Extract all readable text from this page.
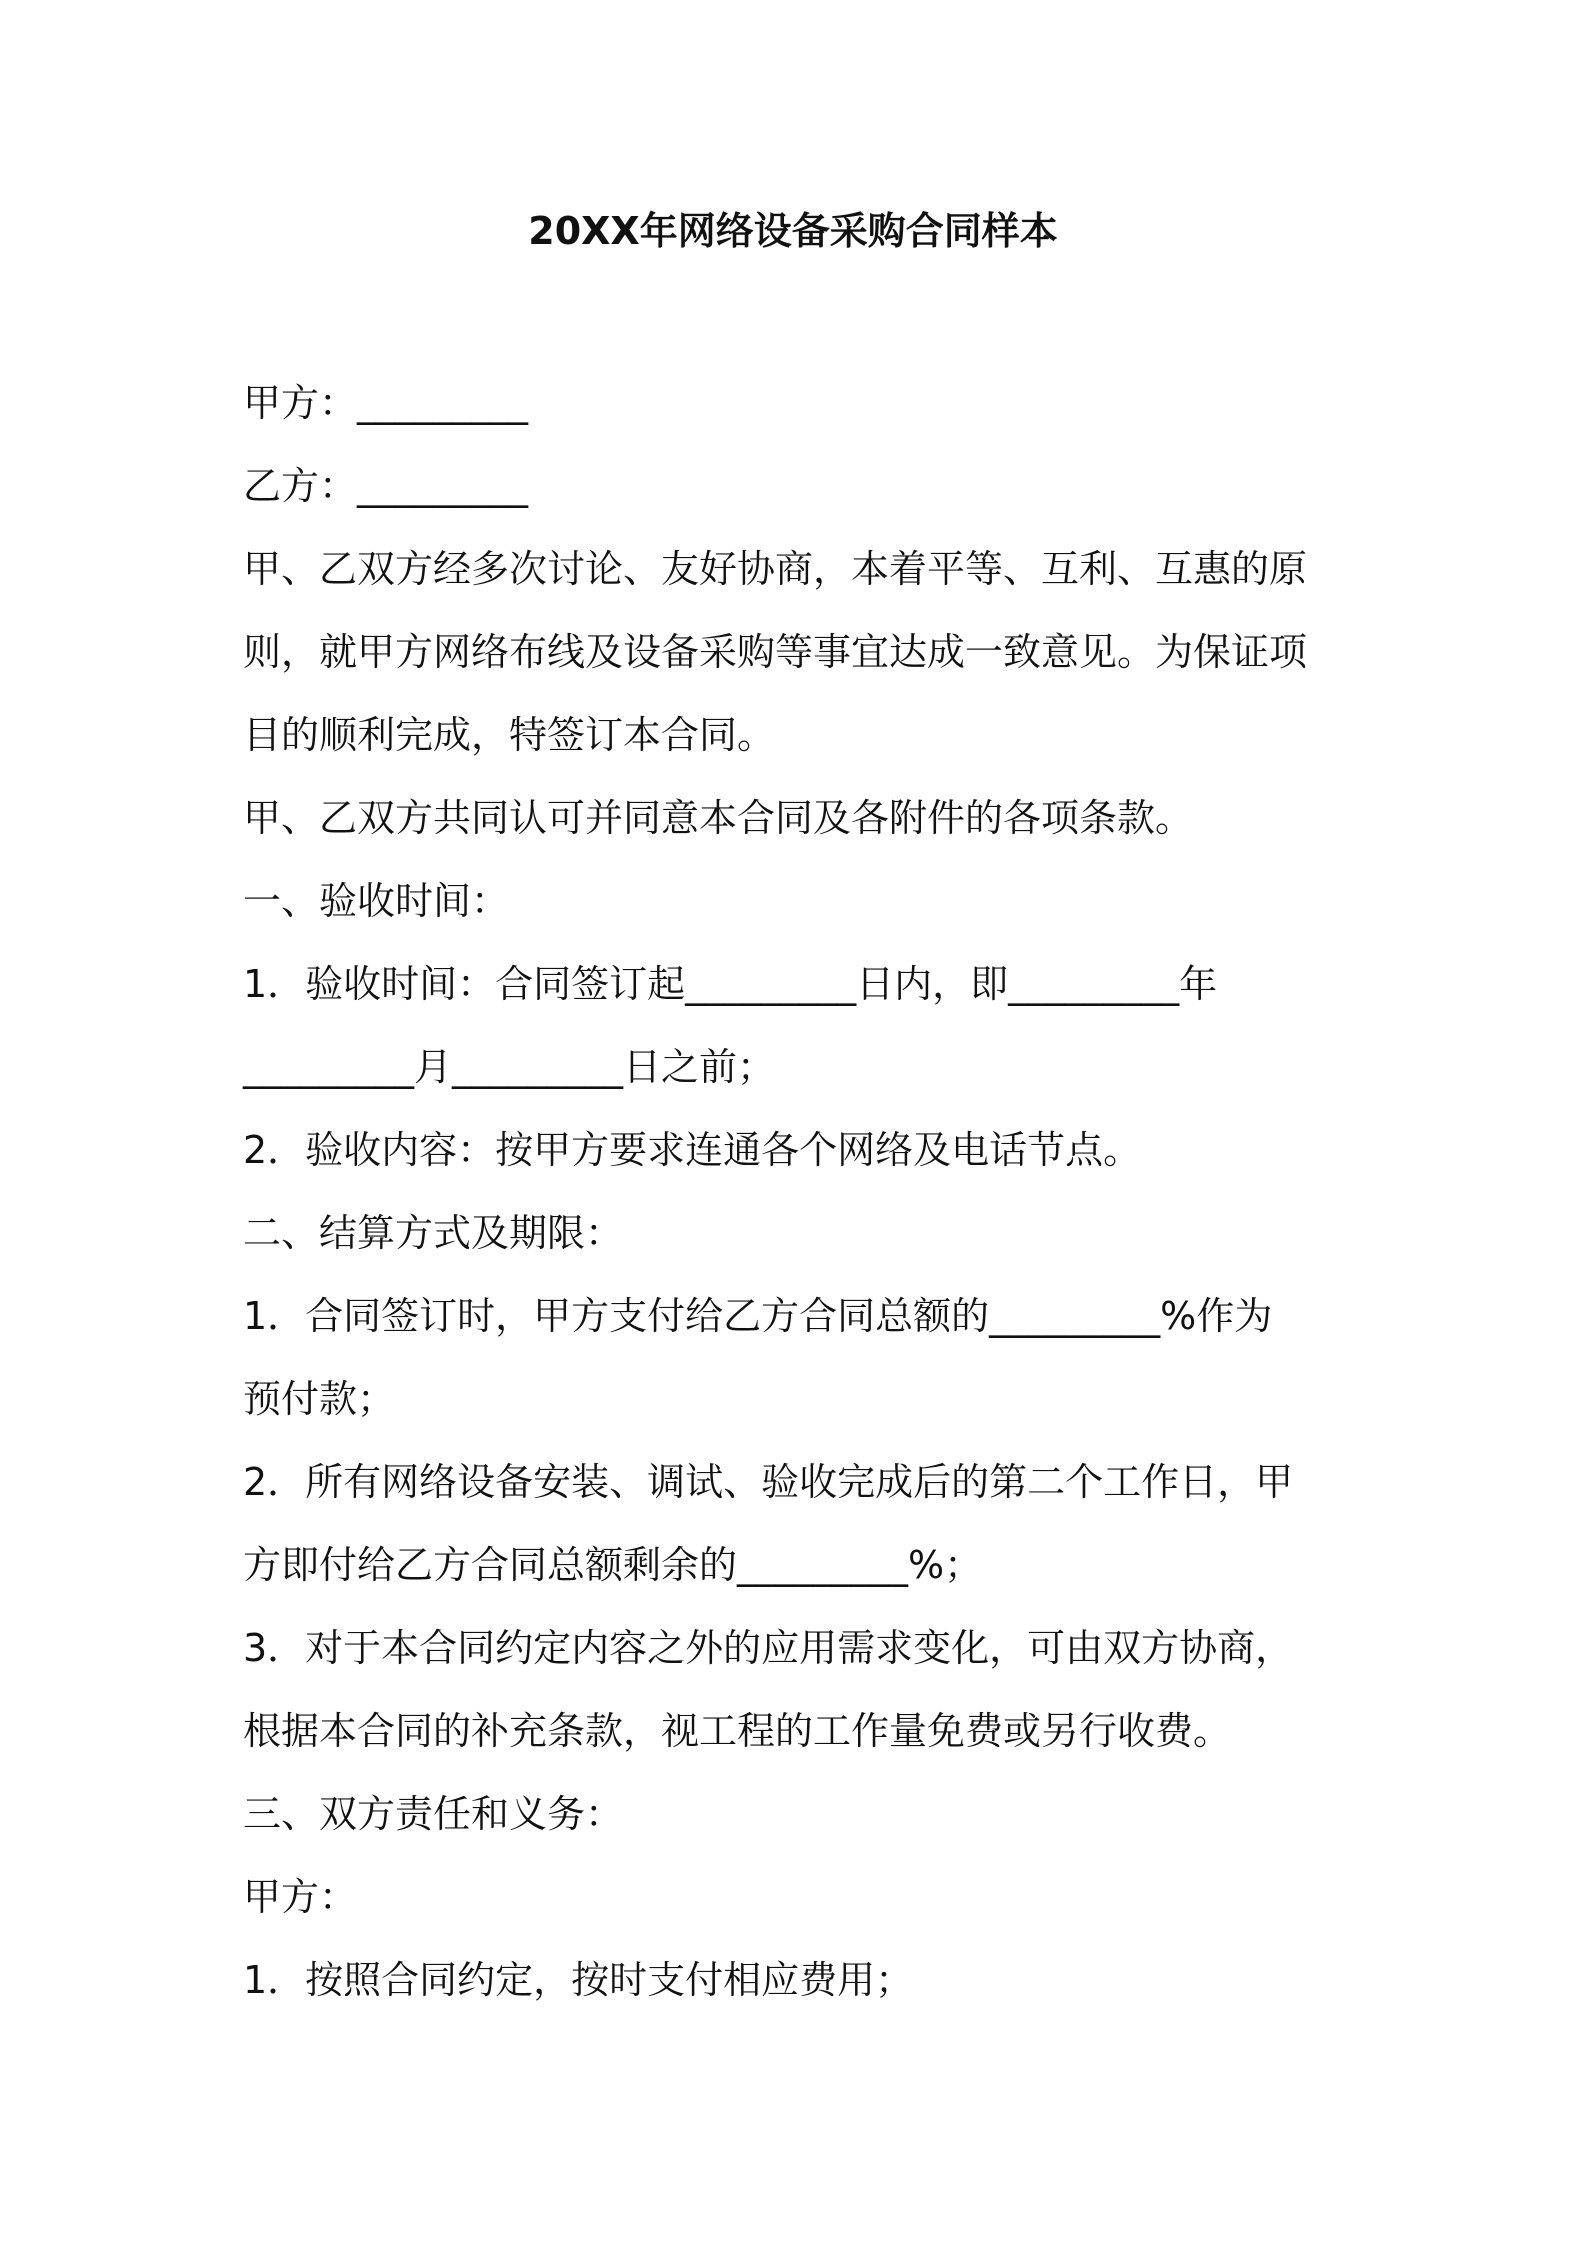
20XX年网络设备采购合同样本

甲方：_________

乙方：_________

甲、乙双方经多次讨论、友好协商，本着平等、互利、互惠的原

则，就甲方网络布线及设备采购等事宜达成一致意见。为保证项

目的顺利完成，特签订本合同。

甲、乙双方共同认可并同意本合同及各附件的各项条款。

一、验收时间：

1．验收时间：合同签订起_________日内，即_________年

_________月_________日之前；

2．验收内容：按甲方要求连通各个网络及电话节点。

二、结算方式及期限：

1．合同签订时，甲方支付给乙方合同总额的_________%作为

预付款；

2．所有网络设备安装、调试、验收完成后的第二个工作日，甲

方即付给乙方合同总额剩余的_________%；

3．对于本合同约定内容之外的应用需求变化，可由双方协商，

根据本合同的补充条款，视工程的工作量免费或另行收费。

三、双方责任和义务：

甲方：

1．按照合同约定，按时支付相应费用；
